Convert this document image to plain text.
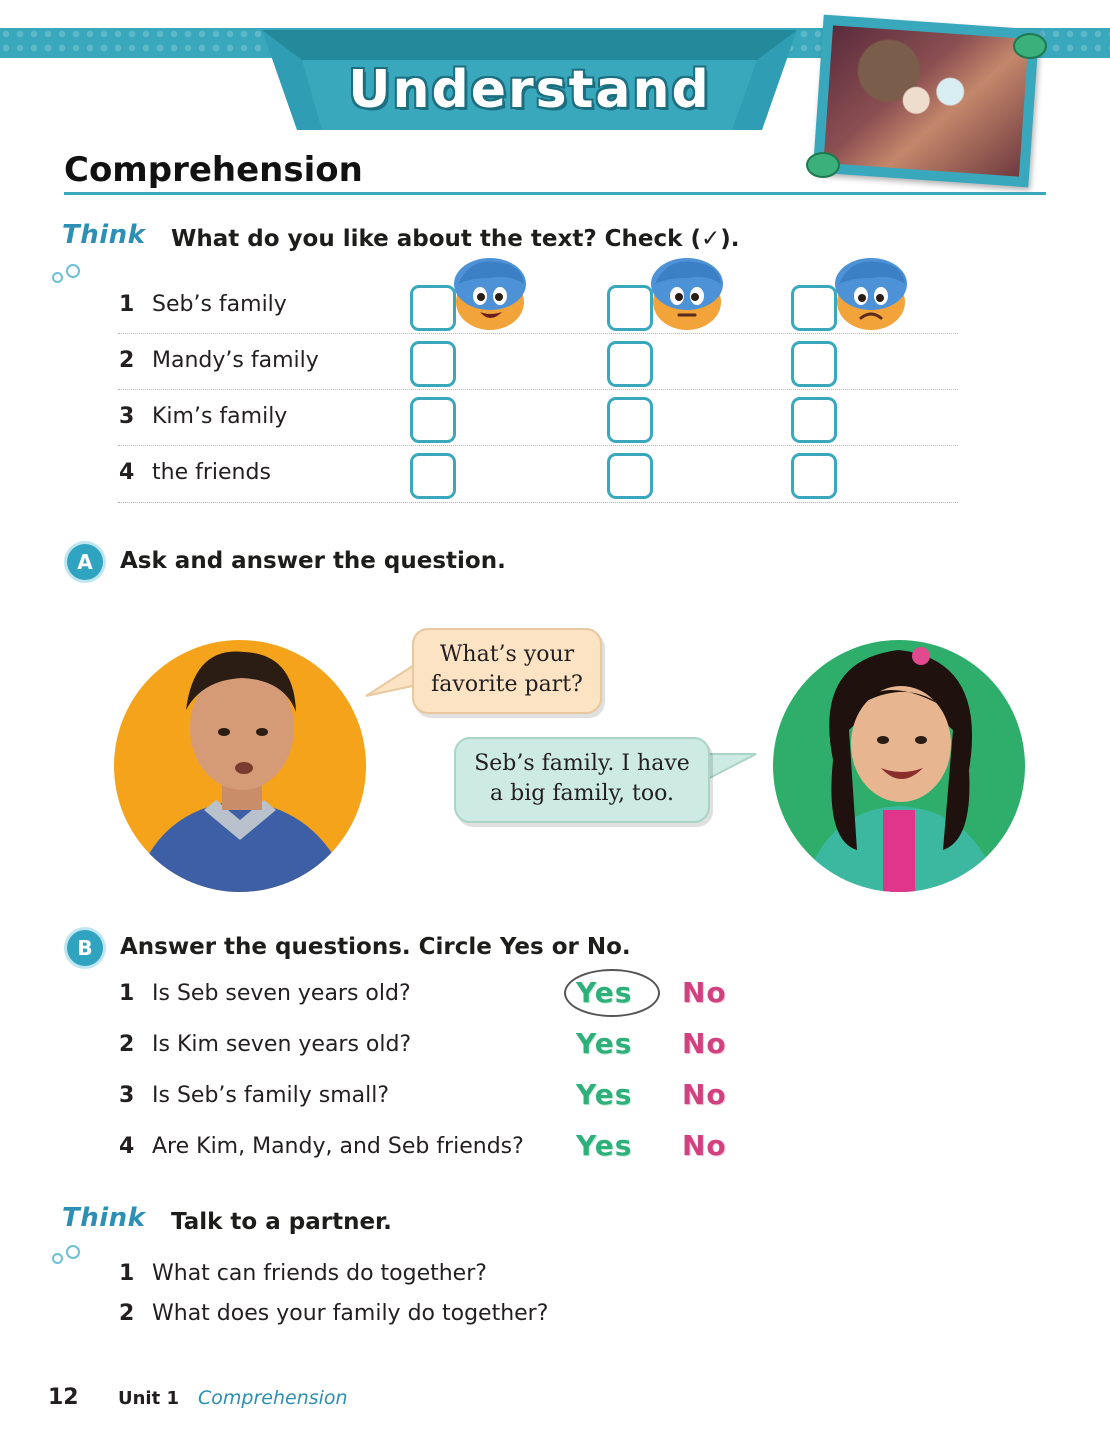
Understand
Comprehension
Think What do you like about the text? Check (✓).
1 Seb’s family
2 Mandy’s family
3 Kim’s family
4 the friends
A	Ask and answer the question.
What’s your
favorite part?
Seb’s family. I have
a big family, too.
B	Answer the questions. Circle Yes or No.
1 Is Seb seven years old?
2 Is Kim seven years old?
3 Is Seb’s family small?
4 Are Kim, Mandy, and Seb friends?
Yes No
Yes No
Yes No
Yes No
Think Talk to a partner.
1 What can friends do together?
2 What does your family do together?
12 Unit 1 Comprehension
